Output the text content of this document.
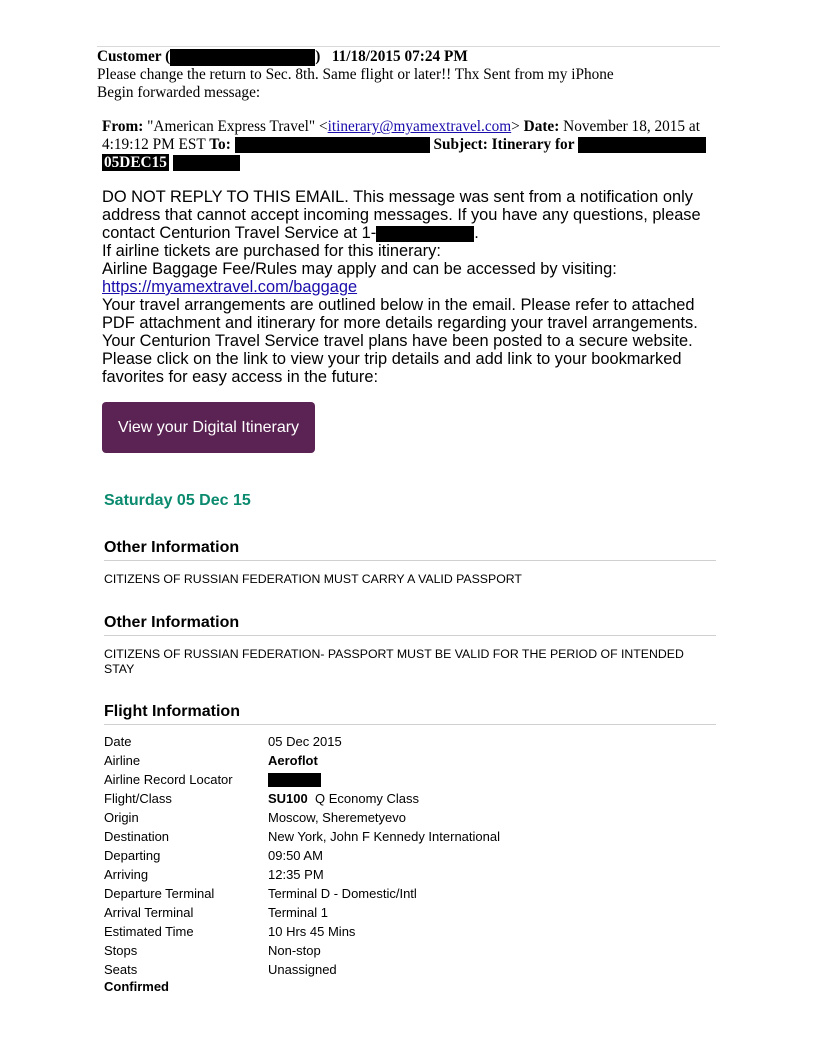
Customer (	) 11/18/2015 07:24 PM
Please change the return to Sec. 8th. Same flight or later!! Thx Sent from my iPhone
Begin forwarded message:
From: "American Express Travel" <itinerary@myamextravel.com> Date: November 18, 2015 at 4:19:12 PM EST To:	Subject: Itinerary for  05DEC15

DO NOT REPLY TO THIS EMAIL. This message was sent from a notification only address that cannot accept incoming messages. If you have any questions, please contact Centurion Travel Service at 1-	.

If airline tickets are purchased for this itinerary:

Airline Baggage Fee/Rules may apply and can be accessed by visiting:

https://myamextravel.com/baggage

Your travel arrangements are outlined below in the email. Please refer to attached PDF attachment and itinerary for more details regarding your travel arrangements. Your Centurion Travel Service travel plans have been posted to a secure website. Please click on the link to view your trip details and add link to your bookmarked favorites for easy access in the future:

View your Digital Itinerary
Saturday 05 Dec 15
Other Information
CITIZENS OF RUSSIAN FEDERATION MUST CARRY A VALID PASSPORT
Other Information
CITIZENS OF RUSSIAN FEDERATION- PASSPORT MUST BE VALID FOR THE PERIOD OF INTENDED STAY
Flight Information
Date	05 Dec 2015
Airline	Aeroflot
Airline Record Locator	
Flight/Class	SU100 Q Economy Class
Origin	Moscow, Sheremetyevo
Destination	New York, John F Kennedy International
Departing	09:50 AM
Arriving	12:35 PM
Departure Terminal	Terminal D - Domestic/Intl
Arrival Terminal	Terminal 1
Estimated Time	10 Hrs 45 Mins
Stops	Non-stop
Seats	Unassigned
Confirmed
